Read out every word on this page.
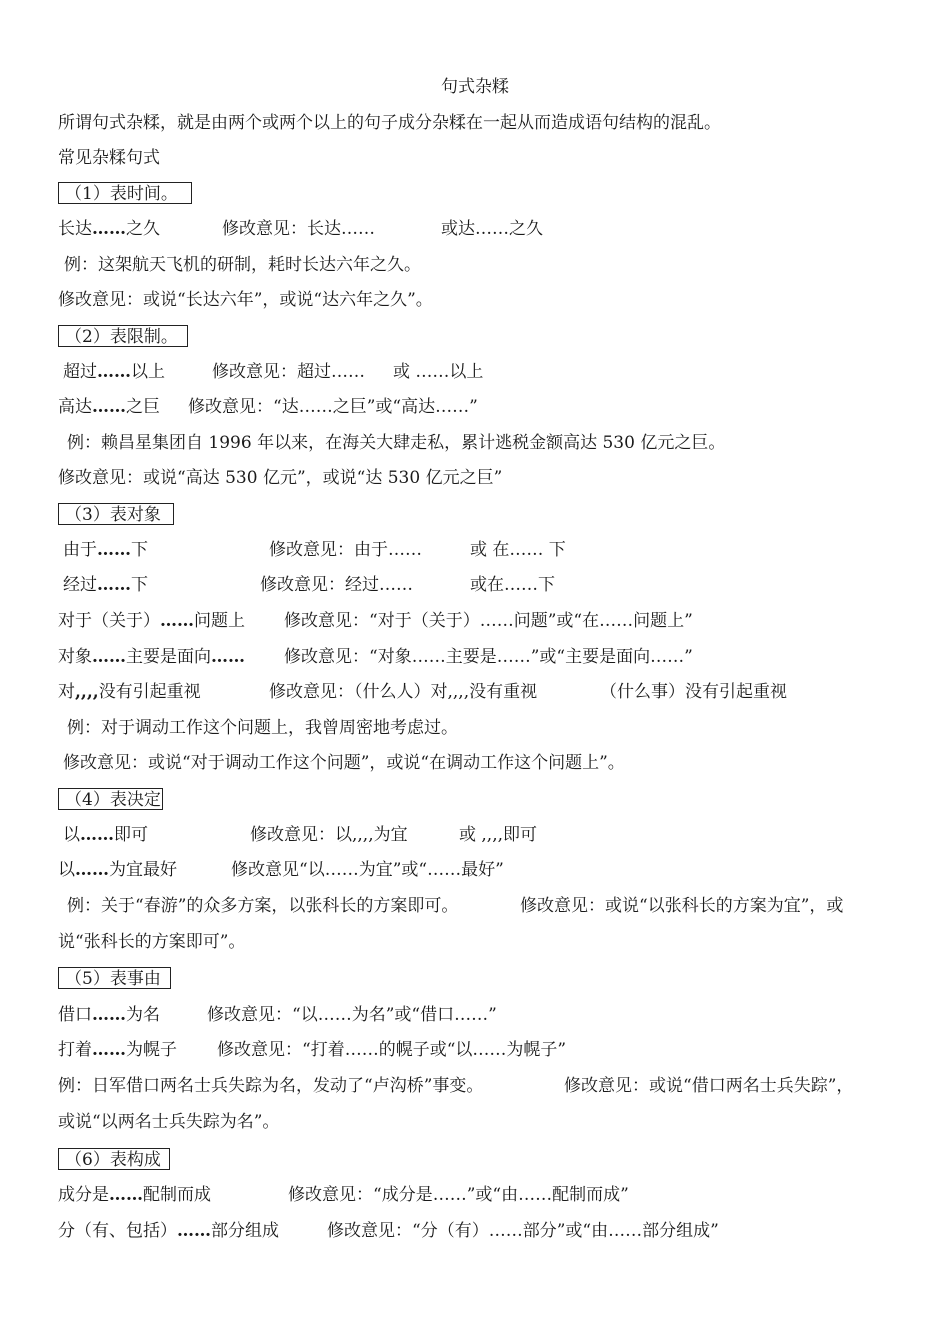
句式杂糅
所谓句式杂糅，就是由两个或两个以上的句子成分杂糅在一起从而造成语句结构的混乱。
常见杂糅句式
（1）表时间。
长达……之久	修改意见：长达……	或达……之久
例：这架航天飞机的研制，耗时长达六年之久。
修改意见：或说“长达六年”，或说“达六年之久”。
（2）表限制。
超过……以上	修改意见：超过…… 或 ……以上
高达……之巨 修改意见：“达……之巨”或“高达……”
例：赖昌星集团自 1996 年以来，在海关大肆走私，累计逃税金额高达 530 亿元之巨。
修改意见：或说“高达 530 亿元”，或说“达 530 亿元之巨”
（3）表对象
由于……下	修改意见：由于……	或 在…… 下
经过……下	修改意见：经过……	或在……下
对于（关于）……问题上 修改意见：“对于（关于）……问题”或“在……问题上”
对象……主要是面向…… 修改意见：“对象……主要是……”或“主要是面向……”
对,,,,没有引起重视	修改意见：（什么人）对,,,,没有重视	（什么事）没有引起重视
例：对于调动工作这个问题上，我曾周密地考虑过。
修改意见：或说“对于调动工作这个问题”，或说“在调动工作这个问题上”。
（4）表决定
以……即可	修改意见：以,,,,为宜	或 ,,,,即可
以……为宜最好	修改意见“以……为宜”或“……最好”
例：关于“春游”的众多方案，以张科长的方案即可。	修改意见：或说“以张科长的方案为宜”，或
说“张科长的方案即可”。
（5）表事由
借口……为名	修改意见：“以……为名”或“借口……”
打着……为幌子 修改意见：“打着……的幌子或“以……为幌子”
例：日军借口两名士兵失踪为名，发动了“卢沟桥”事变。	修改意见：或说“借口两名士兵失踪”，
或说“以两名士兵失踪为名”。
（6）表构成
成分是……配制而成	修改意见：“成分是……”或“由……配制而成”
分（有、包括）……部分组成	修改意见：“分（有）……部分”或“由……部分组成”
